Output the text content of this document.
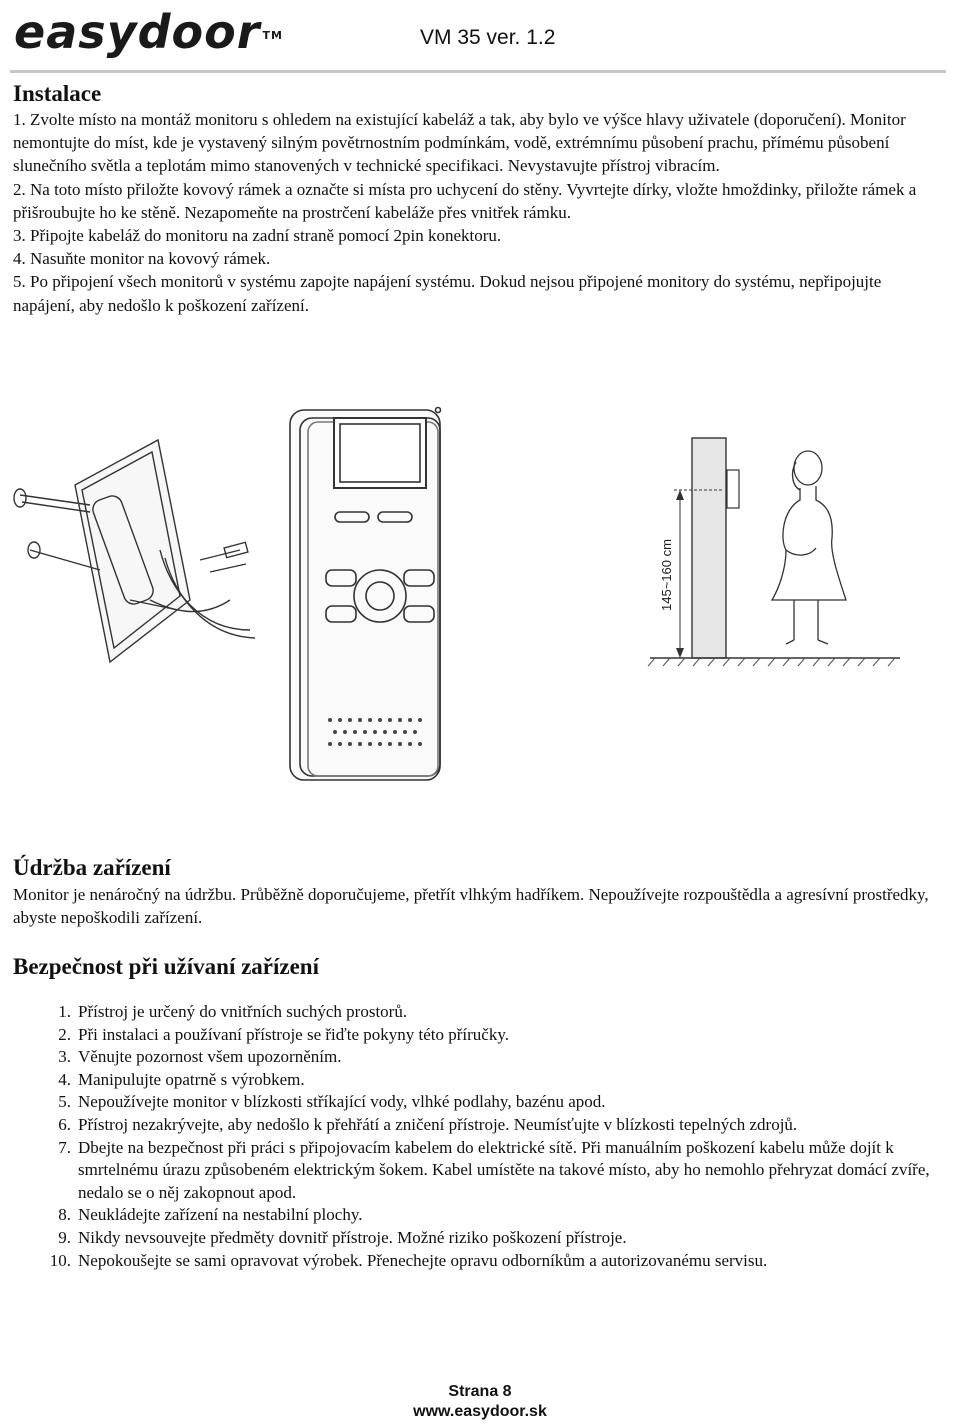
easydoor ™	VM 35 ver. 1.2
Instalace

1. Zvolte místo na montáž monitoru s ohledem na existující kabeláž a tak, aby bylo ve výšce hlavy uživatele (doporučení). Monitor nemontujte do míst, kde je vystavený silným povětrnostním podmínkám, vodě, extrémnímu působení prachu, přímému působení slunečního světla a teplotám mimo stanovených v technické specifikaci. Nevystavujte přístroj vibracím.

2. Na toto místo přiložte kovový rámek a označte si místa pro uchycení do stěny. Vyvrtejte dírky, vložte hmoždinky, přiložte rámek a přišroubujte ho ke stěně. Nezapomeňte na prostrčení kabeláže přes vnitřek rámku.

3. Připojte kabeláž do monitoru na zadní straně pomocí 2pin konektoru.

4. Nasuňte monitor na kovový rámek.

5. Po připojení všech monitorů v systému zapojte napájení systému. Dokud nejsou připojené monitory do systému, nepřipojujte napájení, aby nedošlo k poškození zařízení.

145~160 cm
Údržba zařízení

Monitor je nenáročný na údržbu. Průběžně doporučujeme, přetřít vlhkým hadříkem. Nepoužívejte rozpouštědla a agresívní prostředky, abyste nepoškodili zařízení.

Bezpečnost při užívaní zařízení
1. Přístroj je určený do vnitřních suchých prostorů.
2. Při instalaci a používaní přístroje se řiďte pokyny této příručky.
3. Věnujte pozornost všem upozorněním.
4. Manipulujte opatrně s výrobkem.
5. Nepoužívejte monitor v blízkosti stříkající vody, vlhké podlahy, bazénu apod.
6. Přístroj nezakrývejte, aby nedošlo k přehřátí a zničení přístroje. Neumísťujte v blízkosti tepelných zdrojů.
7. Dbejte na bezpečnost při práci s připojovacím kabelem do elektrické sítě. Při manuálním poškození kabelu může dojít k smrtelnému úrazu způsobeném elektrickým šokem. Kabel umístěte na takové místo, aby ho nemohlo přehryzat domácí zvíře, nedalo se o něj zakopnout apod.
8. Neukládejte zařízení na nestabilní plochy.
9. Nikdy nevsouvejte předměty dovnitř přístroje. Možné riziko poškození přístroje.
10. Nepokoušejte se sami opravovat výrobek. Přenechejte opravu odborníkům a autorizovanému servisu.
Strana 8
www.easydoor.sk
